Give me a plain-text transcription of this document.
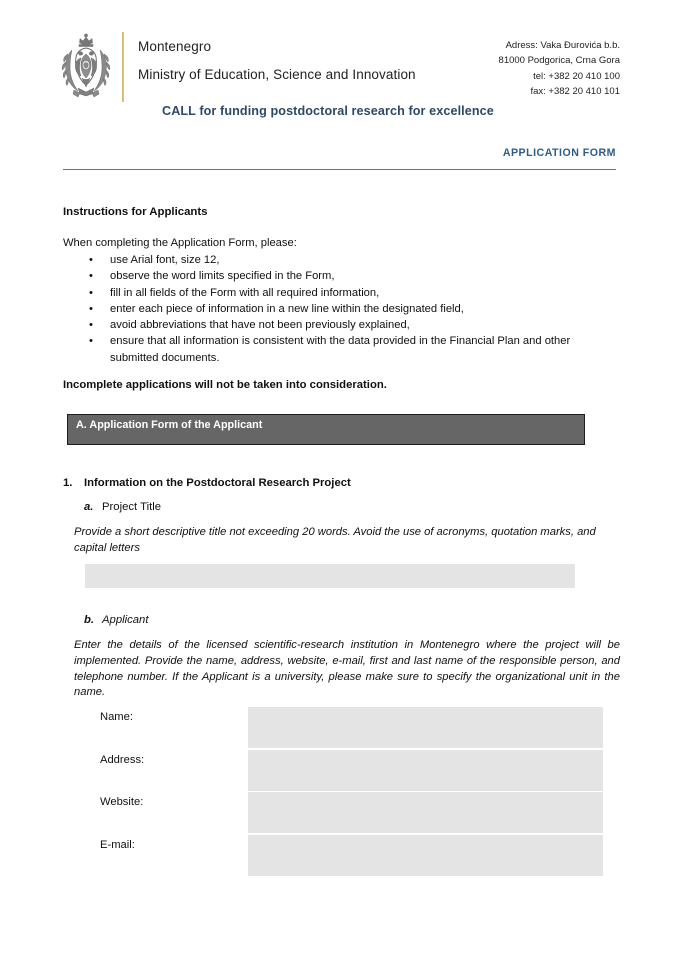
Montenegro
Ministry of Education, Science and Innovation
Adress: Vaka Đurovića b.b.
81000 Podgorica, Crna Gora
tel: +382 20 410 100
fax: +382 20 410 101
CALL for funding postdoctoral research for excellence
APPLICATION FORM
Instructions for Applicants
When completing the Application Form, please:
• use Arial font, size 12,
• observe the word limits specified in the Form,
• fill in all fields of the Form with all required information,
• enter each piece of information in a new line within the designated field,
• avoid abbreviations that have not been previously explained,
• ensure that all information is consistent with the data provided in the Financial Plan and other submitted documents.
Incomplete applications will not be taken into consideration.
A. Application Form of the Applicant
1. Information on the Postdoctoral Research Project
a. Project Title
Provide a short descriptive title not exceeding 20 words. Avoid the use of acronyms, quotation marks, and capital letters
b. Applicant
Enter the details of the licensed scientific-research institution in Montenegro where the project will be implemented. Provide the name, address, website, e-mail, first and last name of the responsible person, and telephone number. If the Applicant is a university, please make sure to specify the organizational unit in the name.
Name:
Address:
Website:
E-mail:
